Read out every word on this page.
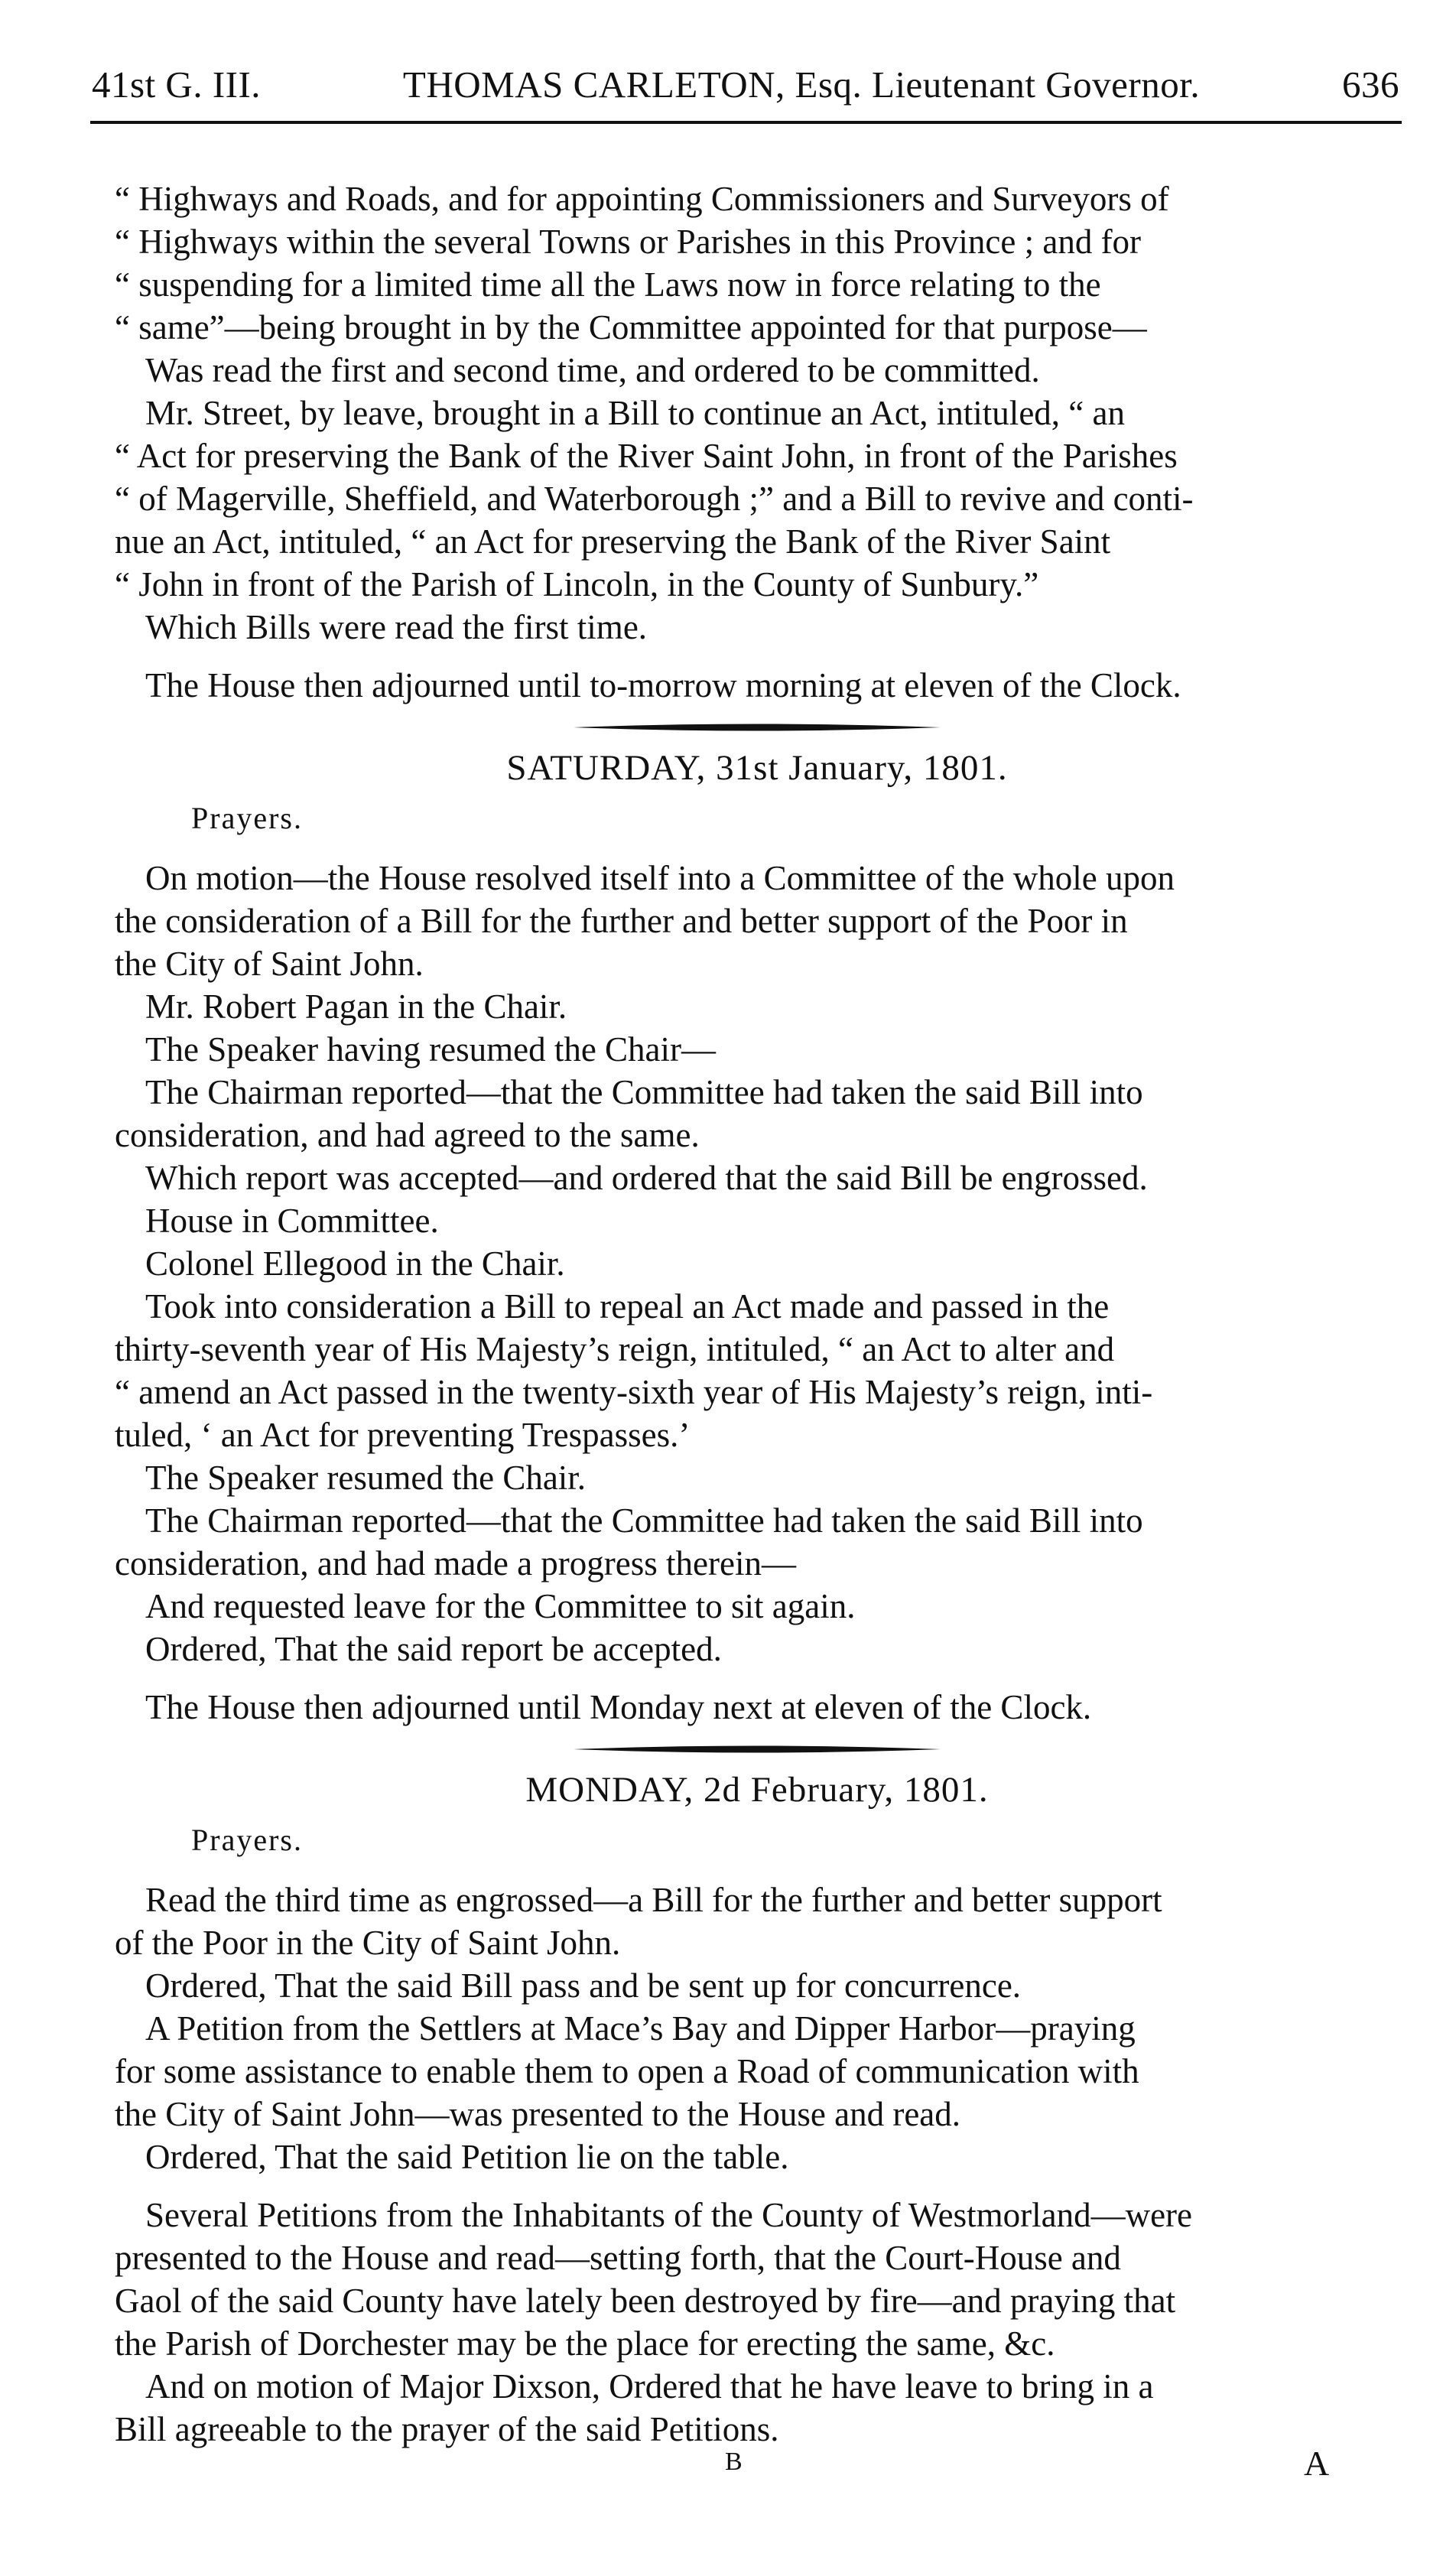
41st G. III.	THOMAS CARLETON, Esq. Lieutenant Governor.	636

“ Highways and Roads, and for appointing Commissioners and Surveyors of

“ Highways within the several Towns or Parishes in this Province ; and for

“ suspending for a limited time all the Laws now in force relating to the

“ same”—being brought in by the Committee appointed for that purpose—

Was read the first and second time, and ordered to be committed.

Mr. Street, by leave, brought in a Bill to continue an Act, intituled, “ an

“ Act for preserving the Bank of the River Saint John, in front of the Parishes

“ of Magerville, Sheffield, and Waterborough ;” and a Bill to revive and conti-

nue an Act, intituled, “ an Act for preserving the Bank of the River Saint

“ John in front of the Parish of Lincoln, in the County of Sunbury.”

Which Bills were read the first time.

The House then adjourned until to-morrow morning at eleven of the Clock.

SATURDAY, 31st January, 1801.
Prayers.

On motion—the House resolved itself into a Committee of the whole upon

the consideration of a Bill for the further and better support of the Poor in

the City of Saint John.

Mr. Robert Pagan in the Chair.

The Speaker having resumed the Chair—

The Chairman reported—that the Committee had taken the said Bill into

consideration, and had agreed to the same.

Which report was accepted—and ordered that the said Bill be engrossed.

House in Committee.

Colonel Ellegood in the Chair.

Took into consideration a Bill to repeal an Act made and passed in the

thirty-seventh year of His Majesty’s reign, intituled, “ an Act to alter and

“ amend an Act passed in the twenty-sixth year of His Majesty’s reign, inti-

tuled, ‘ an Act for preventing Trespasses.’

The Speaker resumed the Chair.

The Chairman reported—that the Committee had taken the said Bill into

consideration, and had made a progress therein—

And requested leave for the Committee to sit again.

Ordered, That the said report be accepted.

The House then adjourned until Monday next at eleven of the Clock.

MONDAY, 2d February, 1801.
Prayers.

Read the third time as engrossed—a Bill for the further and better support

of the Poor in the City of Saint John.

Ordered, That the said Bill pass and be sent up for concurrence.

A Petition from the Settlers at Mace’s Bay and Dipper Harbor—praying

for some assistance to enable them to open a Road of communication with

the City of Saint John—was presented to the House and read.

Ordered, That the said Petition lie on the table.

Several Petitions from the Inhabitants of the County of Westmorland—were

presented to the House and read—setting forth, that the Court-House and

Gaol of the said County have lately been destroyed by fire—and praying that

the Parish of Dorchester may be the place for erecting the same, &c.

And on motion of Major Dixson, Ordered that he have leave to bring in a

Bill agreeable to the prayer of the said Petitions.

B	A
